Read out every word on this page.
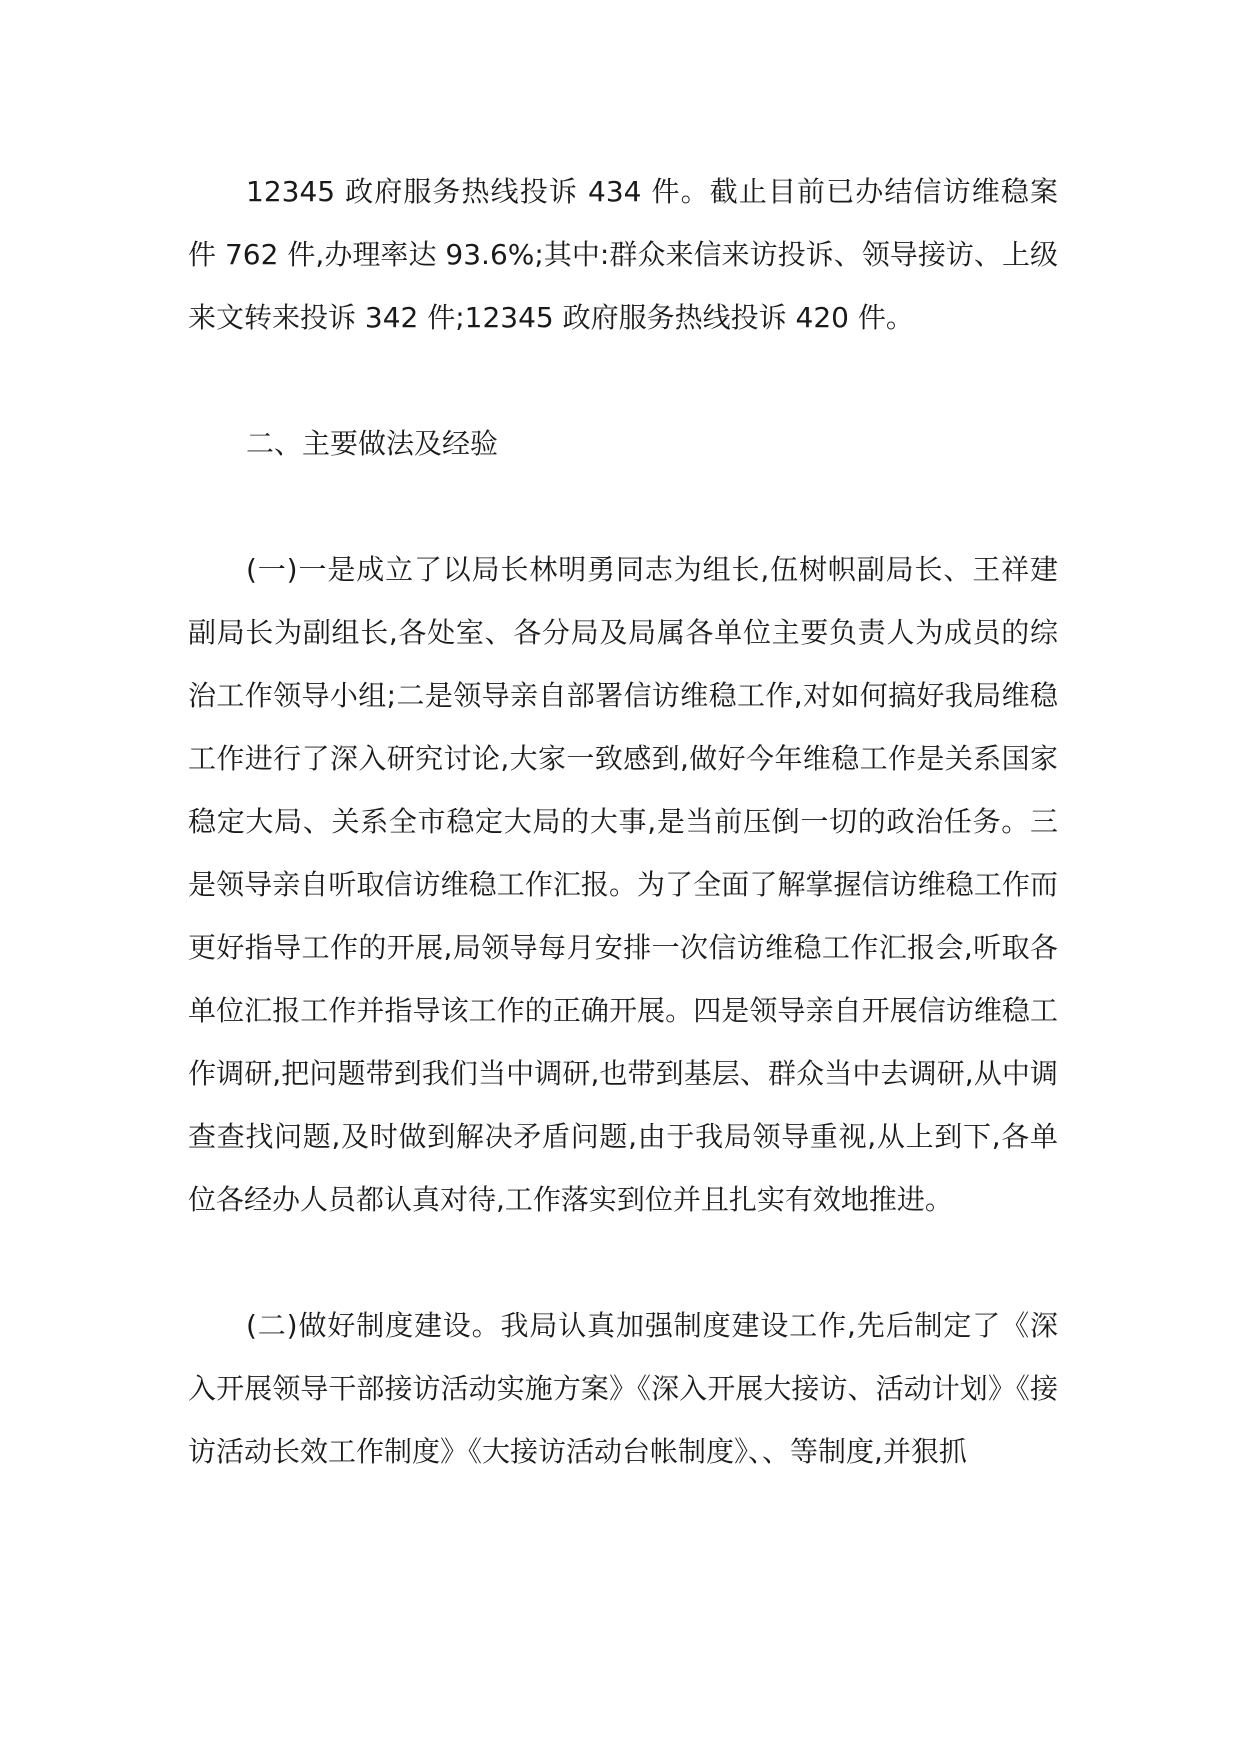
12345 政府服务热线投诉 434 件。截止目前已办结信访维稳案件 762 件,办理率达 93.6%;其中:群众来信来访投诉、领导接访、上级来文转来投诉 342 件;12345 政府服务热线投诉 420 件。

二、主要做法及经验

(一)一是成立了以局长林明勇同志为组长,伍树帜副局长、王祥建副局长为副组长,各处室、各分局及局属各单位主要负责人为成员的综治工作领导小组;二是领导亲自部署信访维稳工作,对如何搞好我局维稳工作进行了深入研究讨论,大家一致感到,做好今年维稳工作是关系国家稳定大局、关系全市稳定大局的大事,是当前压倒一切的政治任务。三是领导亲自听取信访维稳工作汇报。为了全面了解掌握信访维稳工作而更好指导工作的开展,局领导每月安排一次信访维稳工作汇报会,听取各单位汇报工作并指导该工作的正确开展。四是领导亲自开展信访维稳工作调研,把问题带到我们当中调研,也带到基层、群众当中去调研,从中调查查找问题,及时做到解决矛盾问题,由于我局领导重视,从上到下,各单位各经办人员都认真对待,工作落实到位并且扎实有效地推进。

(二)做好制度建设。我局认真加强制度建设工作,先后制定了《深入开展领导干部接访活动实施方案》《深入开展大接访、活动计划》《接访活动长效工作制度》《大接访活动台帐制度》、、等制度,并狠抓
